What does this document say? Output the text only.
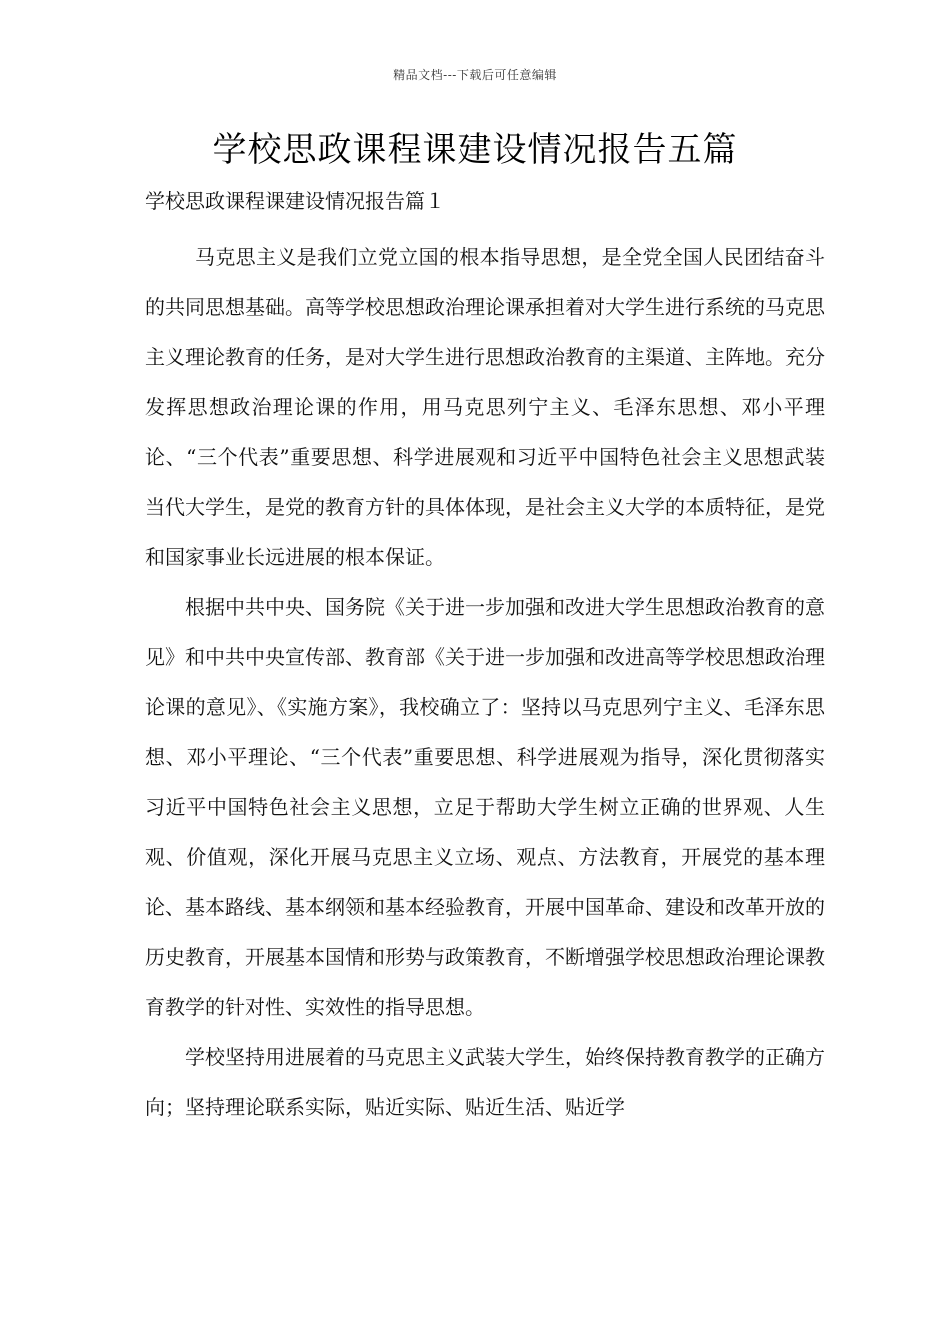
精品文档---下载后可任意编辑
学校思政课程课建设情况报告五篇
学校思政课程课建设情况报告篇１

马克思主义是我们立党立国的根本指导思想，是全党全国人民团结奋斗的共同思想基础。高等学校思想政治理论课承担着对大学生进行系统的马克思主义理论教育的任务，是对大学生进行思想政治教育的主渠道、主阵地。充分发挥思想政治理论课的作用，用马克思列宁主义、毛泽东思想、邓小平理论、“三个代表”重要思想、科学进展观和习近平中国特色社会主义思想武装当代大学生，是党的教育方针的具体体现，是社会主义大学的本质特征，是党和国家事业长远进展的根本保证。

根据中共中央、国务院《关于进一步加强和改进大学生思想政治教育的意见》和中共中央宣传部、教育部《关于进一步加强和改进高等学校思想政治理论课的意见》、《实施方案》，我校确立了：坚持以马克思列宁主义、毛泽东思想、邓小平理论、“三个代表”重要思想、科学进展观为指导，深化贯彻落实习近平中国特色社会主义思想，立足于帮助大学生树立正确的世界观、人生观、价值观，深化开展马克思主义立场、观点、方法教育，开展党的基本理论、基本路线、基本纲领和基本经验教育，开展中国革命、建设和改革开放的历史教育，开展基本国情和形势与政策教育，不断增强学校思想政治理论课教育教学的针对性、实效性的指导思想。

学校坚持用进展着的马克思主义武装大学生，始终保持教育教学的正确方向；坚持理论联系实际，贴近实际、贴近生活、贴近学
